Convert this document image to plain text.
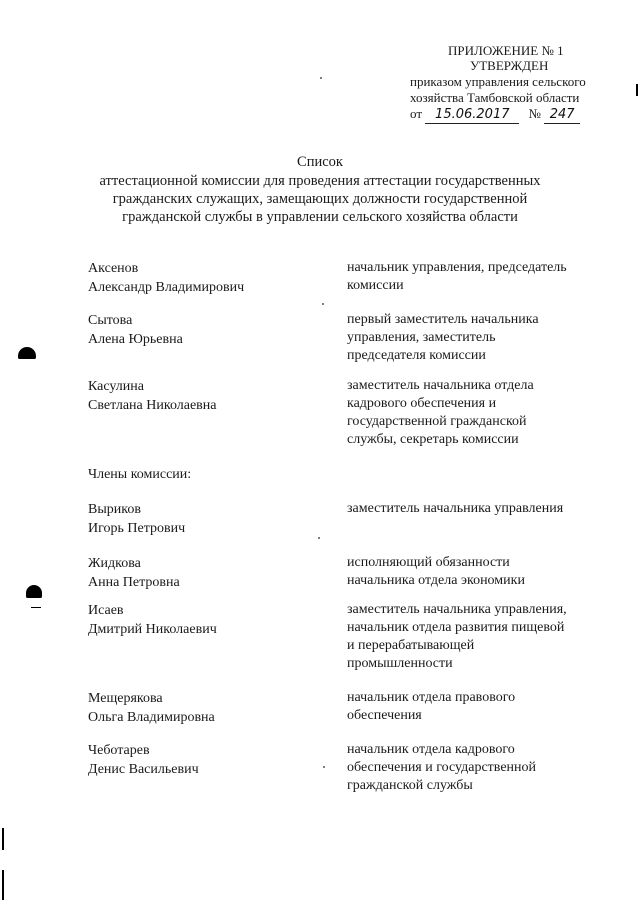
ПРИЛОЖЕНИЕ № 1
УТВЕРЖДЕН
приказом управления сельского
хозяйства Тамбовской области
от 15.06.2017 № 247
Список
аттестационной комиссии для проведения аттестации государственных
гражданских служащих, замещающих должности государственной
гражданской службы в управлении сельского хозяйства области
Члены комиссии:
Аксенов
Александр Владимирович
начальник управления, председатель
комиссии
Сытова
Алена Юрьевна
первый заместитель начальника
управления, заместитель
председателя комиссии
Касулина
Светлана Николаевна
заместитель начальника отдела
кадрового обеспечения и
государственной гражданской
службы, секретарь комиссии
Выриков
Игорь Петрович
заместитель начальника управления
Жидкова
Анна Петровна
исполняющий обязанности
начальника отдела экономики
Исаев
Дмитрий Николаевич
заместитель начальника управления,
начальник отдела развития пищевой
и перерабатывающей
промышленности
Мещерякова
Ольга Владимировна
начальник отдела правового
обеспечения
Чеботарев
Денис Васильевич
начальник отдела кадрового
обеспечения и государственной
гражданской службы
